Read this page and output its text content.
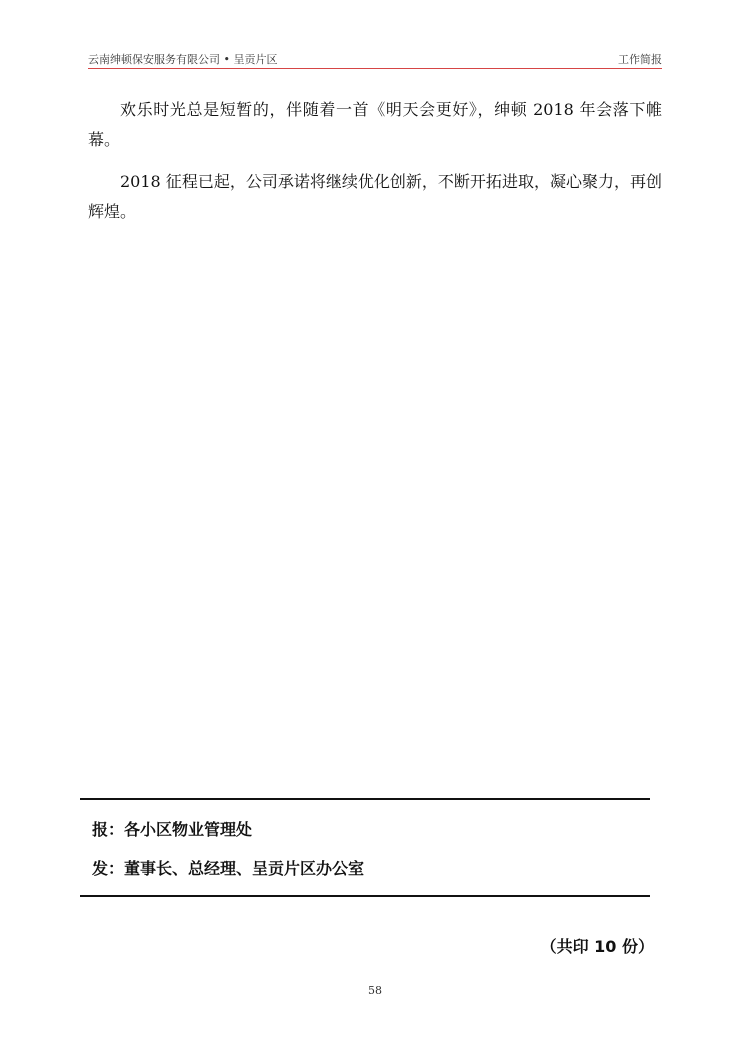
云南绅顿保安服务有限公司 • 呈贡片区	工作简报

欢乐时光总是短暂的，伴随着一首《明天会更好》，绅顿 2018 年会落下帷幕。

2018 征程已起，公司承诺将继续优化创新，不断开拓进取，凝心聚力，再创辉煌。

报：各小区物业管理处
发：董事长、总经理、呈贡片区办公室
（共印 10 份）
58
